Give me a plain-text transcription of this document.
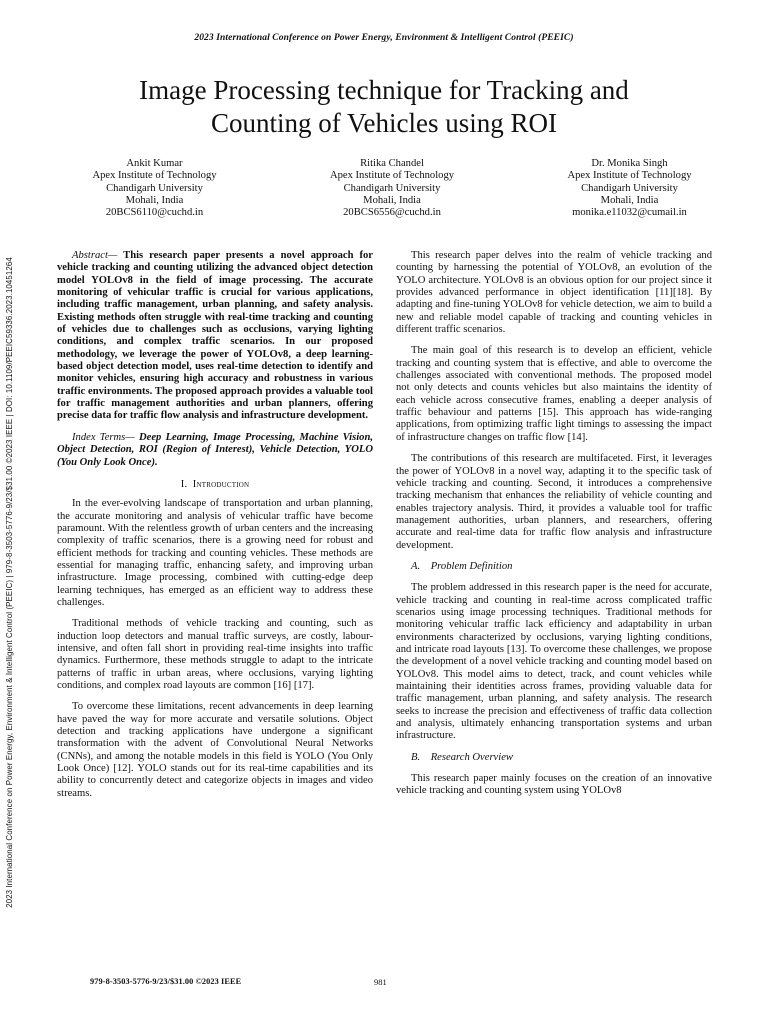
2023 International Conference on Power Energy, Environment & Intelligent Control (PEEIC)
2023 International Conference on Power Energy, Environment & Intelligent Control (PEEIC) | 979-8-3503-5776-9/23/$31.00 ©2023 IEEE | DOI: 10.1109/PEEIC59336.2023.10451264
Image Processing technique for Tracking and
Counting of Vehicles using ROI
Ankit Kumar
Apex Institute of Technology
Chandigarh University
Mohali, India
20BCS6110@cuchd.in
Ritika Chandel
Apex Institute of Technology
Chandigarh University
Mohali, India
20BCS6556@cuchd.in
Dr. Monika Singh
Apex Institute of Technology
Chandigarh University
Mohali, India
monika.e11032@cumail.in

Abstract— This research paper presents a novel approach for vehicle tracking and counting utilizing the advanced object detection model YOLOv8 in the field of image processing. The accurate monitoring of vehicular traffic is crucial for various applications, including traffic management, urban planning, and safety analysis. Existing methods often struggle with real-time tracking and counting of vehicles due to challenges such as occlusions, varying lighting conditions, and complex traffic scenarios. In our proposed methodology, we leverage the power of YOLOv8, a deep learning-based object detection model, uses real-time detection to identify and monitor vehicles, ensuring high accuracy and robustness in various traffic environments. The proposed approach provides a valuable tool for traffic management authorities and urban planners, offering precise data for traffic flow analysis and infrastructure development.

Index Terms— Deep Learning, Image Processing, Machine Vision, Object Detection, ROI (Region of Interest), Vehicle Detection, YOLO (You Only Look Once).

I.  Introduction

In the ever-evolving landscape of transportation and urban planning, the accurate monitoring and analysis of vehicular traffic have become paramount. With the relentless growth of urban centers and the increasing complexity of traffic scenarios, there is a growing need for robust and efficient methods for tracking and counting vehicles. These methods are essential for managing traffic, enhancing safety, and improving urban infrastructure. Image processing, combined with cutting-edge deep learning techniques, has emerged as an efficient way to address these challenges.

Traditional methods of vehicle tracking and counting, such as induction loop detectors and manual traffic surveys, are costly, labour-intensive, and often fall short in providing real-time insights into traffic dynamics. Furthermore, these methods struggle to adapt to the intricate patterns of traffic in urban areas, where occlusions, varying lighting conditions, and complex road layouts are common [16] [17].

To overcome these limitations, recent advancements in deep learning have paved the way for more accurate and versatile solutions. Object detection and tracking applications have undergone a significant transformation with the advent of Convolutional Neural Networks (CNNs), and among the notable models in this field is YOLO (You Only Look Once) [12]. YOLO stands out for its real-time capabilities and its ability to concurrently detect and categorize objects in images and video streams.

This research paper delves into the realm of vehicle tracking and counting by harnessing the potential of YOLOv8, an evolution of the YOLO architecture. YOLOv8 is an obvious option for our project since it provides advanced performance in object identification [11][18]. By adapting and fine-tuning YOLOv8 for vehicle detection, we aim to build a new and reliable model capable of tracking and counting vehicles in different traffic scenarios.

The main goal of this research is to develop an efficient, vehicle tracking and counting system that is effective, and able to overcome the challenges associated with conventional methods. The proposed model not only detects and counts vehicles but also maintains the identity of each vehicle across consecutive frames, enabling a deeper analysis of traffic behaviour and patterns [15]. This approach has wide-ranging applications, from optimizing traffic light timings to assessing the impact of infrastructure changes on traffic flow [14].

The contributions of this research are multifaceted. First, it leverages the power of YOLOv8 in a novel way, adapting it to the specific task of vehicle tracking and counting. Second, it introduces a comprehensive tracking mechanism that enhances the reliability of vehicle counting and enables trajectory analysis. Third, it provides a valuable tool for traffic management authorities, urban planners, and researchers, offering accurate and real-time data for traffic flow analysis and infrastructure development.

A. Problem Definition

The problem addressed in this research paper is the need for accurate, vehicle tracking and counting in real-time across complicated traffic scenarios using image processing techniques. Traditional methods for monitoring vehicular traffic lack efficiency and adaptability in urban environments characterized by occlusions, varying lighting conditions, and intricate road layouts [13]. To overcome these challenges, we propose the development of a novel vehicle tracking and counting model based on YOLOv8. This model aims to detect, track, and count vehicles while maintaining their identities across frames, providing valuable data for traffic management, urban planning, and safety analysis. The research seeks to increase the precision and effectiveness of traffic data collection and analysis, ultimately enhancing transportation systems and urban infrastructure.

B. Research Overview

This research paper mainly focuses on the creation of an innovative vehicle tracking and counting system using YOLOv8

979-8-3503-5776-9/23/$31.00 ©2023 IEEE	981
